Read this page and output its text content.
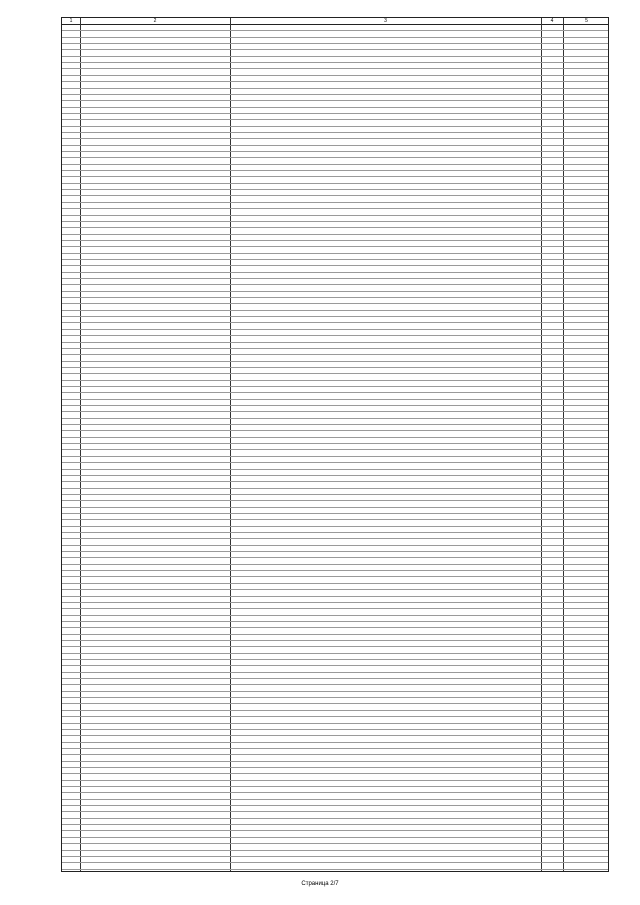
1	2	3	4	5
Страница 2/7
